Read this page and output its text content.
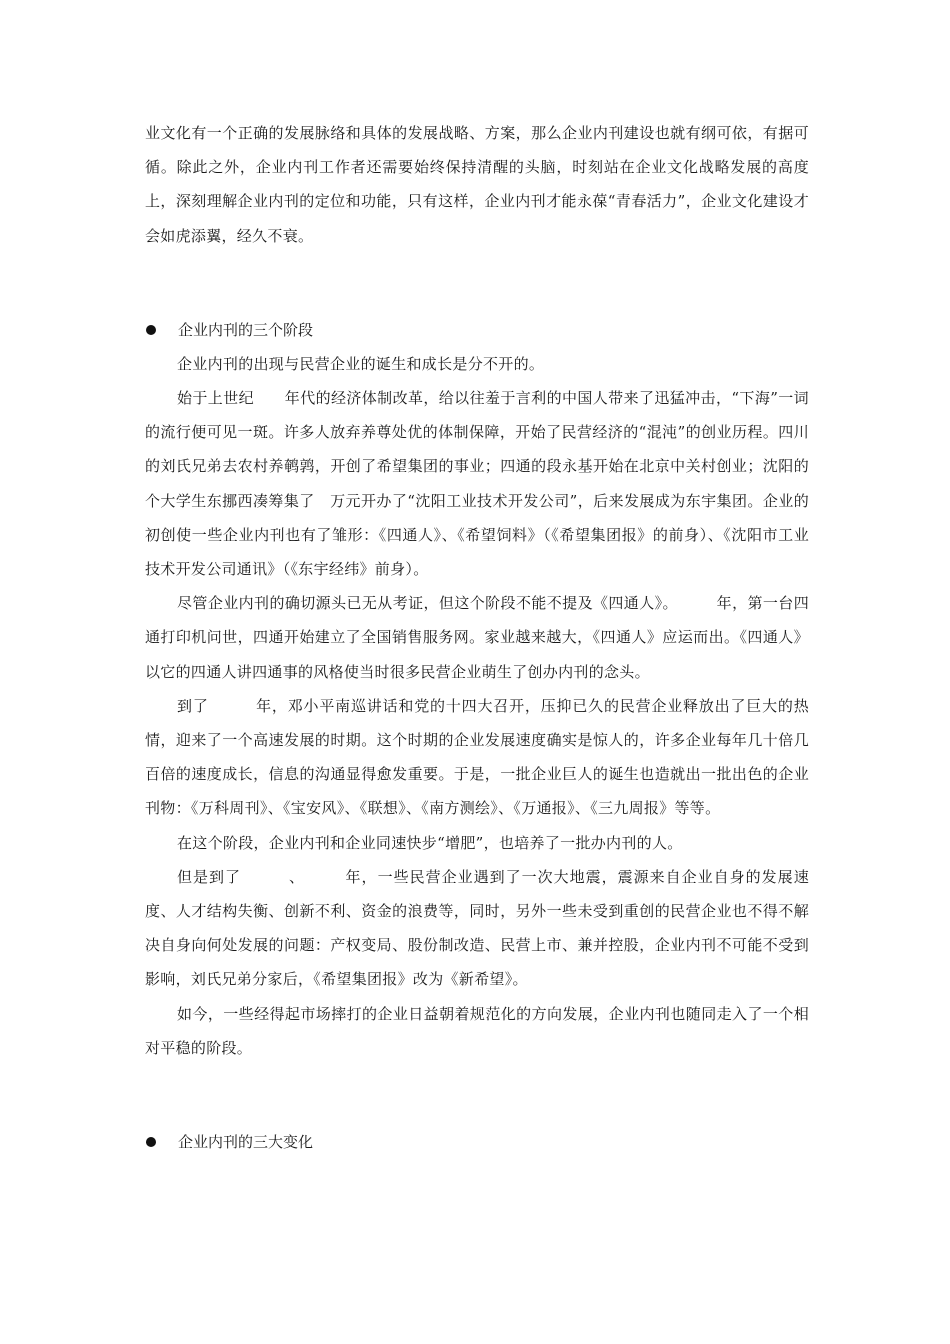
业文化有一个正确的发展脉络和具体的发展战略、方案，那么企业内刊建设也就有纲可依，有据可循。除此之外，企业内刊工作者还需要始终保持清醒的头脑，时刻站在企业文化战略发展的高度上，深刻理解企业内刊的定位和功能，只有这样，企业内刊才能永葆“青春活力”，企业文化建设才会如虎添翼，经久不衰。

企业内刊的三个阶段

企业内刊的出现与民营企业的诞生和成长是分不开的。

始于上世纪　　年代的经济体制改革，给以往羞于言利的中国人带来了迅猛冲击，“下海”一词的流行便可见一斑。许多人放弃养尊处优的体制保障，开始了民营经济的“混沌”的创业历程。四川的刘氏兄弟去农村养鹌鹑，开创了希望集团的事业；四通的段永基开始在北京中关村创业；沈阳的　个大学生东挪西凑筹集了　万元开办了“沈阳工业技术开发公司”，后来发展成为东宇集团。企业的初创使一些企业内刊也有了雏形：《四通人》、《希望饲料》（《希望集团报》的前身）、《沈阳市工业技术开发公司通讯》（《东宇经纬》前身）。

尽管企业内刊的确切源头已无从考证，但这个阶段不能不提及《四通人》。　　　年，第一台四通打印机问世，四通开始建立了全国销售服务网。家业越来越大，《四通人》应运而出。《四通人》以它的四通人讲四通事的风格使当时很多民营企业萌生了创办内刊的念头。

到了　　　年，邓小平南巡讲话和党的十四大召开，压抑已久的民营企业释放出了巨大的热情，迎来了一个高速发展的时期。这个时期的企业发展速度确实是惊人的，许多企业每年几十倍几百倍的速度成长，信息的沟通显得愈发重要。于是，一批企业巨人的诞生也造就出一批出色的企业刊物：《万科周刊》、《宝安风》、《联想》、《南方测绘》、《万通报》、《三九周报》等等。

在这个阶段，企业内刊和企业同速快步“增肥”，也培养了一批办内刊的人。

但是到了　　　、　　　年，一些民营企业遇到了一次大地震，震源来自企业自身的发展速度、人才结构失衡、创新不利、资金的浪费等，同时，另外一些未受到重创的民营企业也不得不解决自身向何处发展的问题：产权变局、股份制改造、民营上市、兼并控股，企业内刊不可能不受到影响，刘氏兄弟分家后，《希望集团报》改为《新希望》。

如今，一些经得起市场摔打的企业日益朝着规范化的方向发展，企业内刊也随同走入了一个相对平稳的阶段。

企业内刊的三大变化
